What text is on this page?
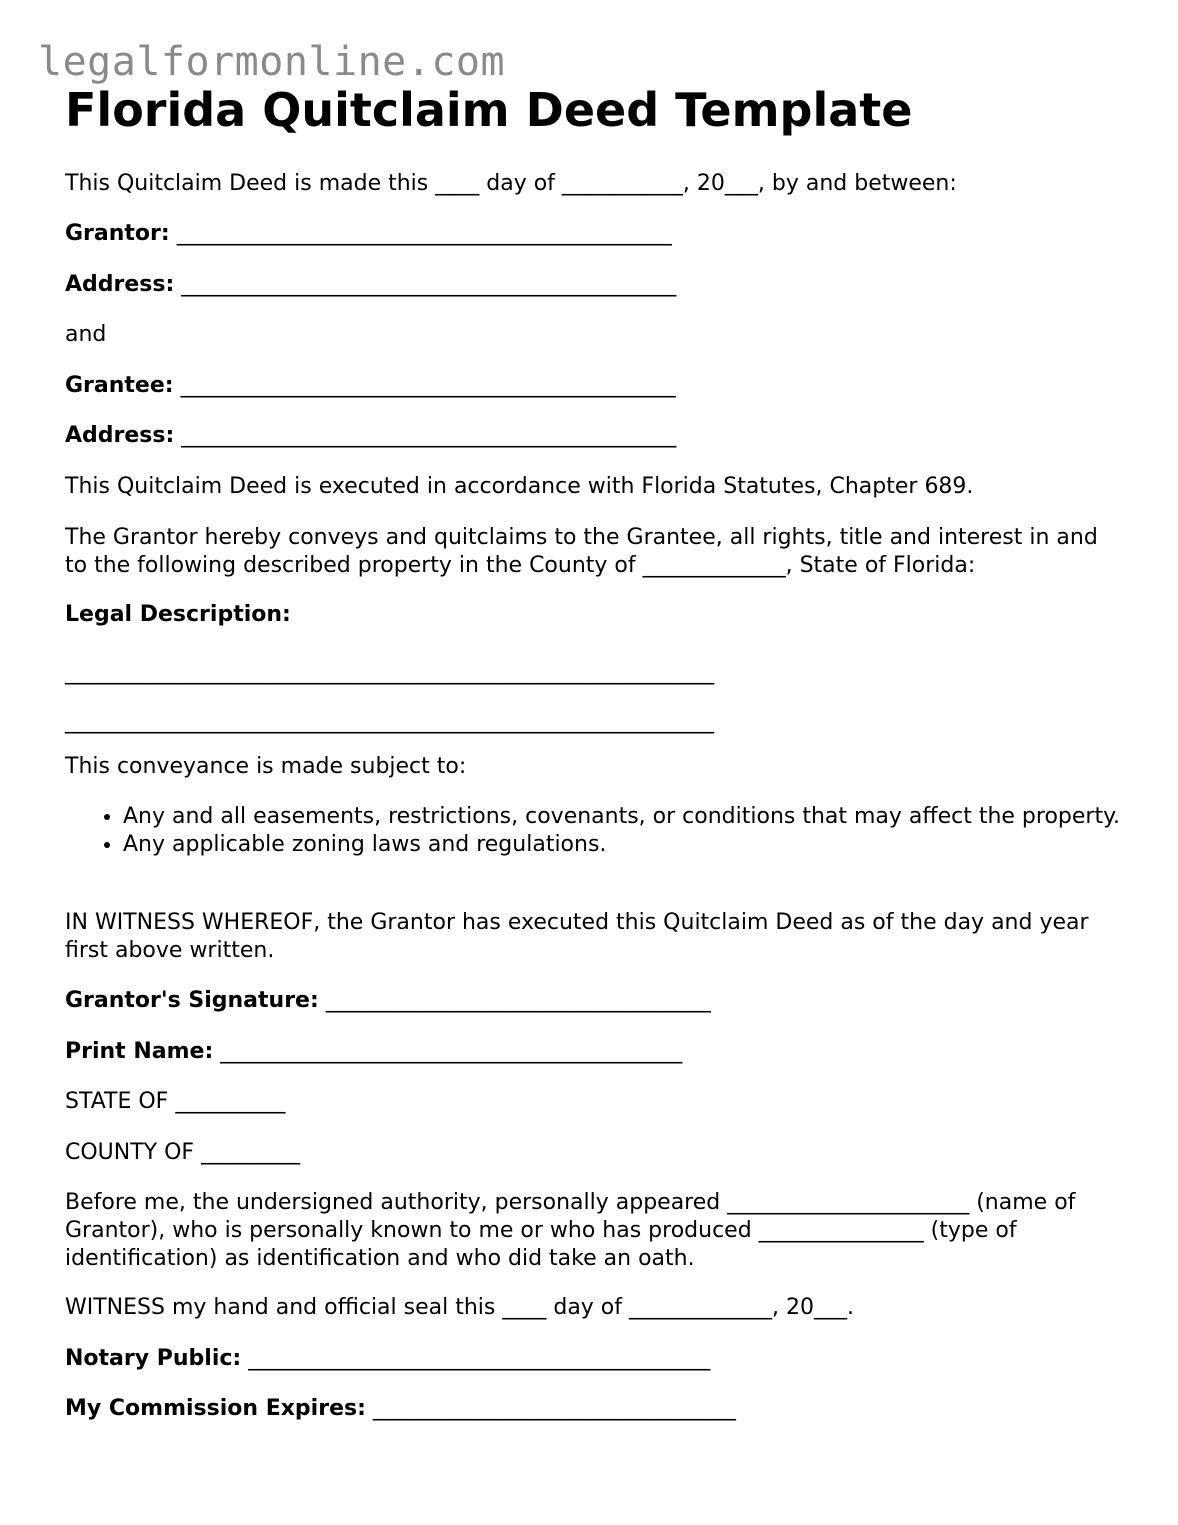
legalformonline.com
Florida Quitclaim Deed Template
This Quitclaim Deed is made this ____ day of ___________, 20___, by and between:
Grantor: _____________________________________________
Address: _____________________________________________
and
Grantee: _____________________________________________
Address: _____________________________________________
This Quitclaim Deed is executed in accordance with Florida Statutes, Chapter 689.
The Grantor hereby conveys and quitclaims to the Grantee, all rights, title and interest in and to the following described property in the County of _____________, State of Florida:
Legal Description:
___________________________________________________________
___________________________________________________________
This conveyance is made subject to:
• Any and all easements, restrictions, covenants, or conditions that may affect the property.
• Any applicable zoning laws and regulations.
IN WITNESS WHEREOF, the Grantor has executed this Quitclaim Deed as of the day and year first above written.
Grantor's Signature: ___________________________________
Print Name: __________________________________________
STATE OF __________
COUNTY OF _________
Before me, the undersigned authority, personally appeared ______________________ (name of Grantor), who is personally known to me or who has produced _______________ (type of identification) as identification and who did take an oath.
WITNESS my hand and official seal this ____ day of _____________, 20___.
Notary Public: __________________________________________
My Commission Expires: _________________________________
